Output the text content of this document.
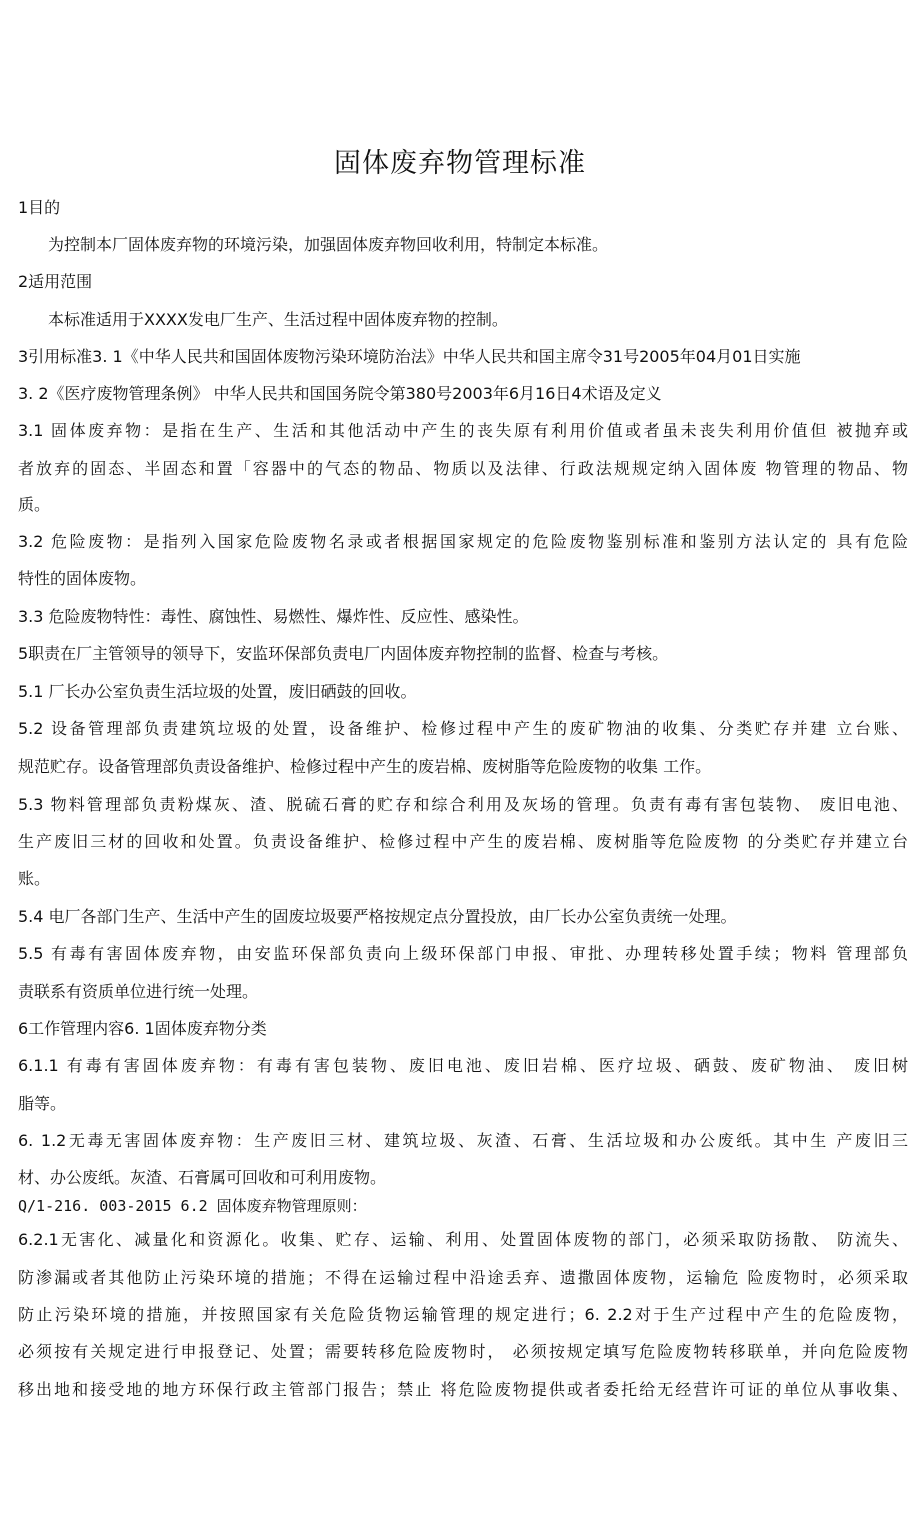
固体废弃物管理标准
1目的
为控制本厂固体废弃物的环境污染，加强固体废弃物回收利用，特制定本标准。
2适用范围
本标准适用于XXXX发电厂生产、生活过程中固体废弃物的控制。
3引用标准3. 1《中华人民共和国固体废物污染环境防治法》中华人民共和国主席令31号2005年04月01日实施
3. 2《医疗废物管理条例》 中华人民共和国国务院令第380号2003年6月16日4术语及定义
3.1 固体废弃物：是指在生产、生活和其他活动中产生的丧失原有利用价值或者虽未丧失利用价值但 被抛弃或
者放弃的固态、半固态和置「容器中的气态的物品、物质以及法律、行政法规规定纳入固体废 物管理的物品、物
质。
3.2 危险废物：是指列入国家危险废物名录或者根据国家规定的危险废物鉴别标准和鉴别方法认定的 具有危险
特性的固体废物。
3.3 危险废物特性：毒性、腐蚀性、易燃性、爆炸性、反应性、感染性。
5职责在厂主管领导的领导下，安监环保部负责电厂内固体废弃物控制的监督、检查与考核。
5.1 厂长办公室负责生活垃圾的处置，废旧硒鼓的回收。
5.2 设备管理部负责建筑垃圾的处置，设备维护、检修过程中产生的废矿物油的收集、分类贮存并建 立台账、
规范贮存。设备管理部负责设备维护、检修过程中产生的废岩棉、废树脂等危险废物的收集 工作。
5.3 物料管理部负责粉煤灰、渣、脱硫石膏的贮存和综合利用及灰场的管理。负责有毒有害包装物、 废旧电池、
生产废旧三材的回收和处置。负责设备维护、检修过程中产生的废岩棉、废树脂等危险废物 的分类贮存并建立台
账。
5.4 电厂各部门生产、生活中产生的固废垃圾要严格按规定点分置投放，由厂长办公室负责统一处理。
5.5 有毒有害固体废弃物，由安监环保部负责向上级环保部门申报、审批、办理转移处置手续；物料 管理部负
责联系有资质单位进行统一处理。
6工作管理内容6. 1固体废弃物分类
6.1.1 有毒有害固体废弃物：有毒有害包装物、废旧电池、废旧岩棉、医疗垃圾、硒鼓、废矿物油、 废旧树
脂等。
6. 1.2无毒无害固体废弃物：生产废旧三材、建筑垃圾、灰渣、石膏、生活垃圾和办公废纸。其中生 产废旧三
材、办公废纸。灰渣、石膏属可回收和可利用废物。
Q/1-216. 003-2015 6.2 固体废弃物管理原则：
6.2.1无害化、减量化和资源化。收集、贮存、运输、利用、处置固体废物的部门，必须采取防扬散、 防流失、
防渗漏或者其他防止污染环境的措施；不得在运输过程中沿途丢弃、遗撒固体废物，运输危 险废物时，必须采取
防止污染环境的措施，并按照国家有关危险货物运输管理的规定进行；6. 2.2对于生产过程中产生的危险废物，
必须按有关规定进行申报登记、处置；需要转移危险废物时， 必须按规定填写危险废物转移联单，并向危险废物
移出地和接受地的地方环保行政主管部门报告；禁止 将危险废物提供或者委托给无经营许可证的单位从事收集、
